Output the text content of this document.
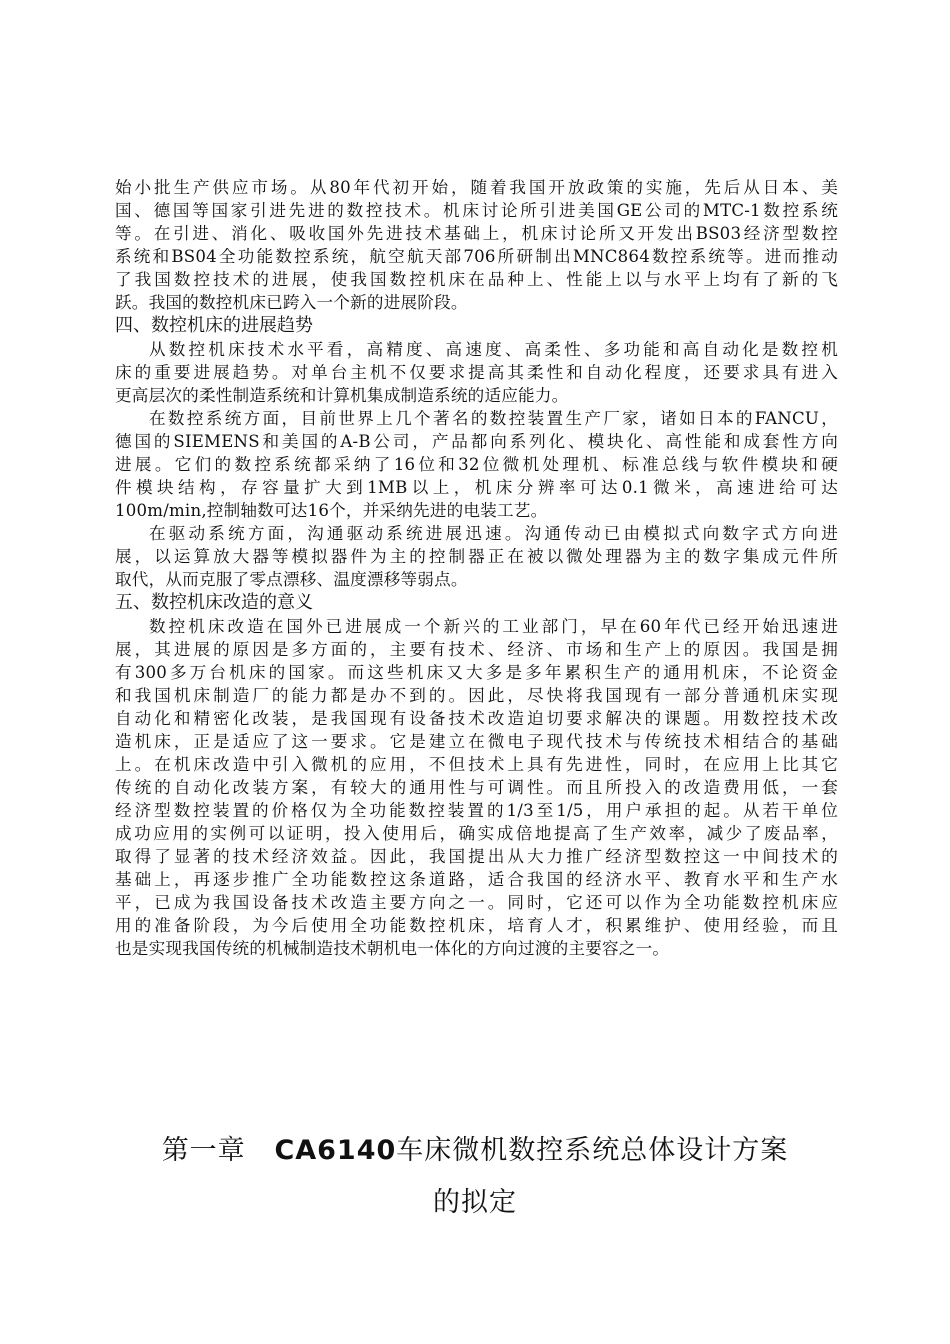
始小批生产供应市场。从80年代初开始，随着我国开放政策的实施，先后从日本、美
国、德国等国家引进先进的数控技术。机床讨论所引进美国GE公司的MTC-1数控系统
等。在引进、消化、吸收国外先进技术基础上，机床讨论所又开发出BS03经济型数控
系统和BS04全功能数控系统，航空航天部706所研制出MNC864数控系统等。进而推动
了我国数控技术的进展，使我国数控机床在品种上、性能上以与水平上均有了新的飞
跃。我国的数控机床已跨入一个新的进展阶段。
四、数控机床的进展趋势
从数控机床技术水平看，高精度、高速度、高柔性、多功能和高自动化是数控机
床的重要进展趋势。对单台主机不仅要求提高其柔性和自动化程度，还要求具有进入
更高层次的柔性制造系统和计算机集成制造系统的适应能力。
在数控系统方面，目前世界上几个著名的数控装置生产厂家，诸如日本的FANCU，
德国的SIEMENS和美国的A-B公司，产品都向系列化、模块化、高性能和成套性方向
进展。它们的数控系统都采纳了16位和32位微机处理机、标准总线与软件模块和硬
件模块结构，存容量扩大到1MB以上，机床分辨率可达0.1微米，高速进给可达
100m/min,控制轴数可达16个，并采纳先进的电装工艺。
在驱动系统方面，沟通驱动系统进展迅速。沟通传动已由模拟式向数字式方向进
展，以运算放大器等模拟器件为主的控制器正在被以微处理器为主的数字集成元件所
取代，从而克服了零点漂移、温度漂移等弱点。
五、数控机床改造的意义
数控机床改造在国外已进展成一个新兴的工业部门，早在60年代已经开始迅速进
展，其进展的原因是多方面的，主要有技术、经济、市场和生产上的原因。我国是拥
有300多万台机床的国家。而这些机床又大多是多年累积生产的通用机床，不论资金
和我国机床制造厂的能力都是办不到的。因此，尽快将我国现有一部分普通机床实现
自动化和精密化改装，是我国现有设备技术改造迫切要求解决的课题。用数控技术改
造机床，正是适应了这一要求。它是建立在微电子现代技术与传统技术相结合的基础
上。在机床改造中引入微机的应用，不但技术上具有先进性，同时，在应用上比其它
传统的自动化改装方案，有较大的通用性与可调性。而且所投入的改造费用低，一套
经济型数控装置的价格仅为全功能数控装置的1/3至1/5，用户承担的起。从若干单位
成功应用的实例可以证明，投入使用后，确实成倍地提高了生产效率，减少了废品率，
取得了显著的技术经济效益。因此，我国提出从大力推广经济型数控这一中间技术的
基础上，再逐步推广全功能数控这条道路，适合我国的经济水平、教育水平和生产水
平，已成为我国设备技术改造主要方向之一。同时，它还可以作为全功能数控机床应
用的准备阶段，为今后使用全功能数控机床，培育人才，积累维护、使用经验，而且
也是实现我国传统的机械制造技术朝机电一体化的方向过渡的主要容之一。
第一章 CA6140车床微机数控系统总体设计方案
的拟定
